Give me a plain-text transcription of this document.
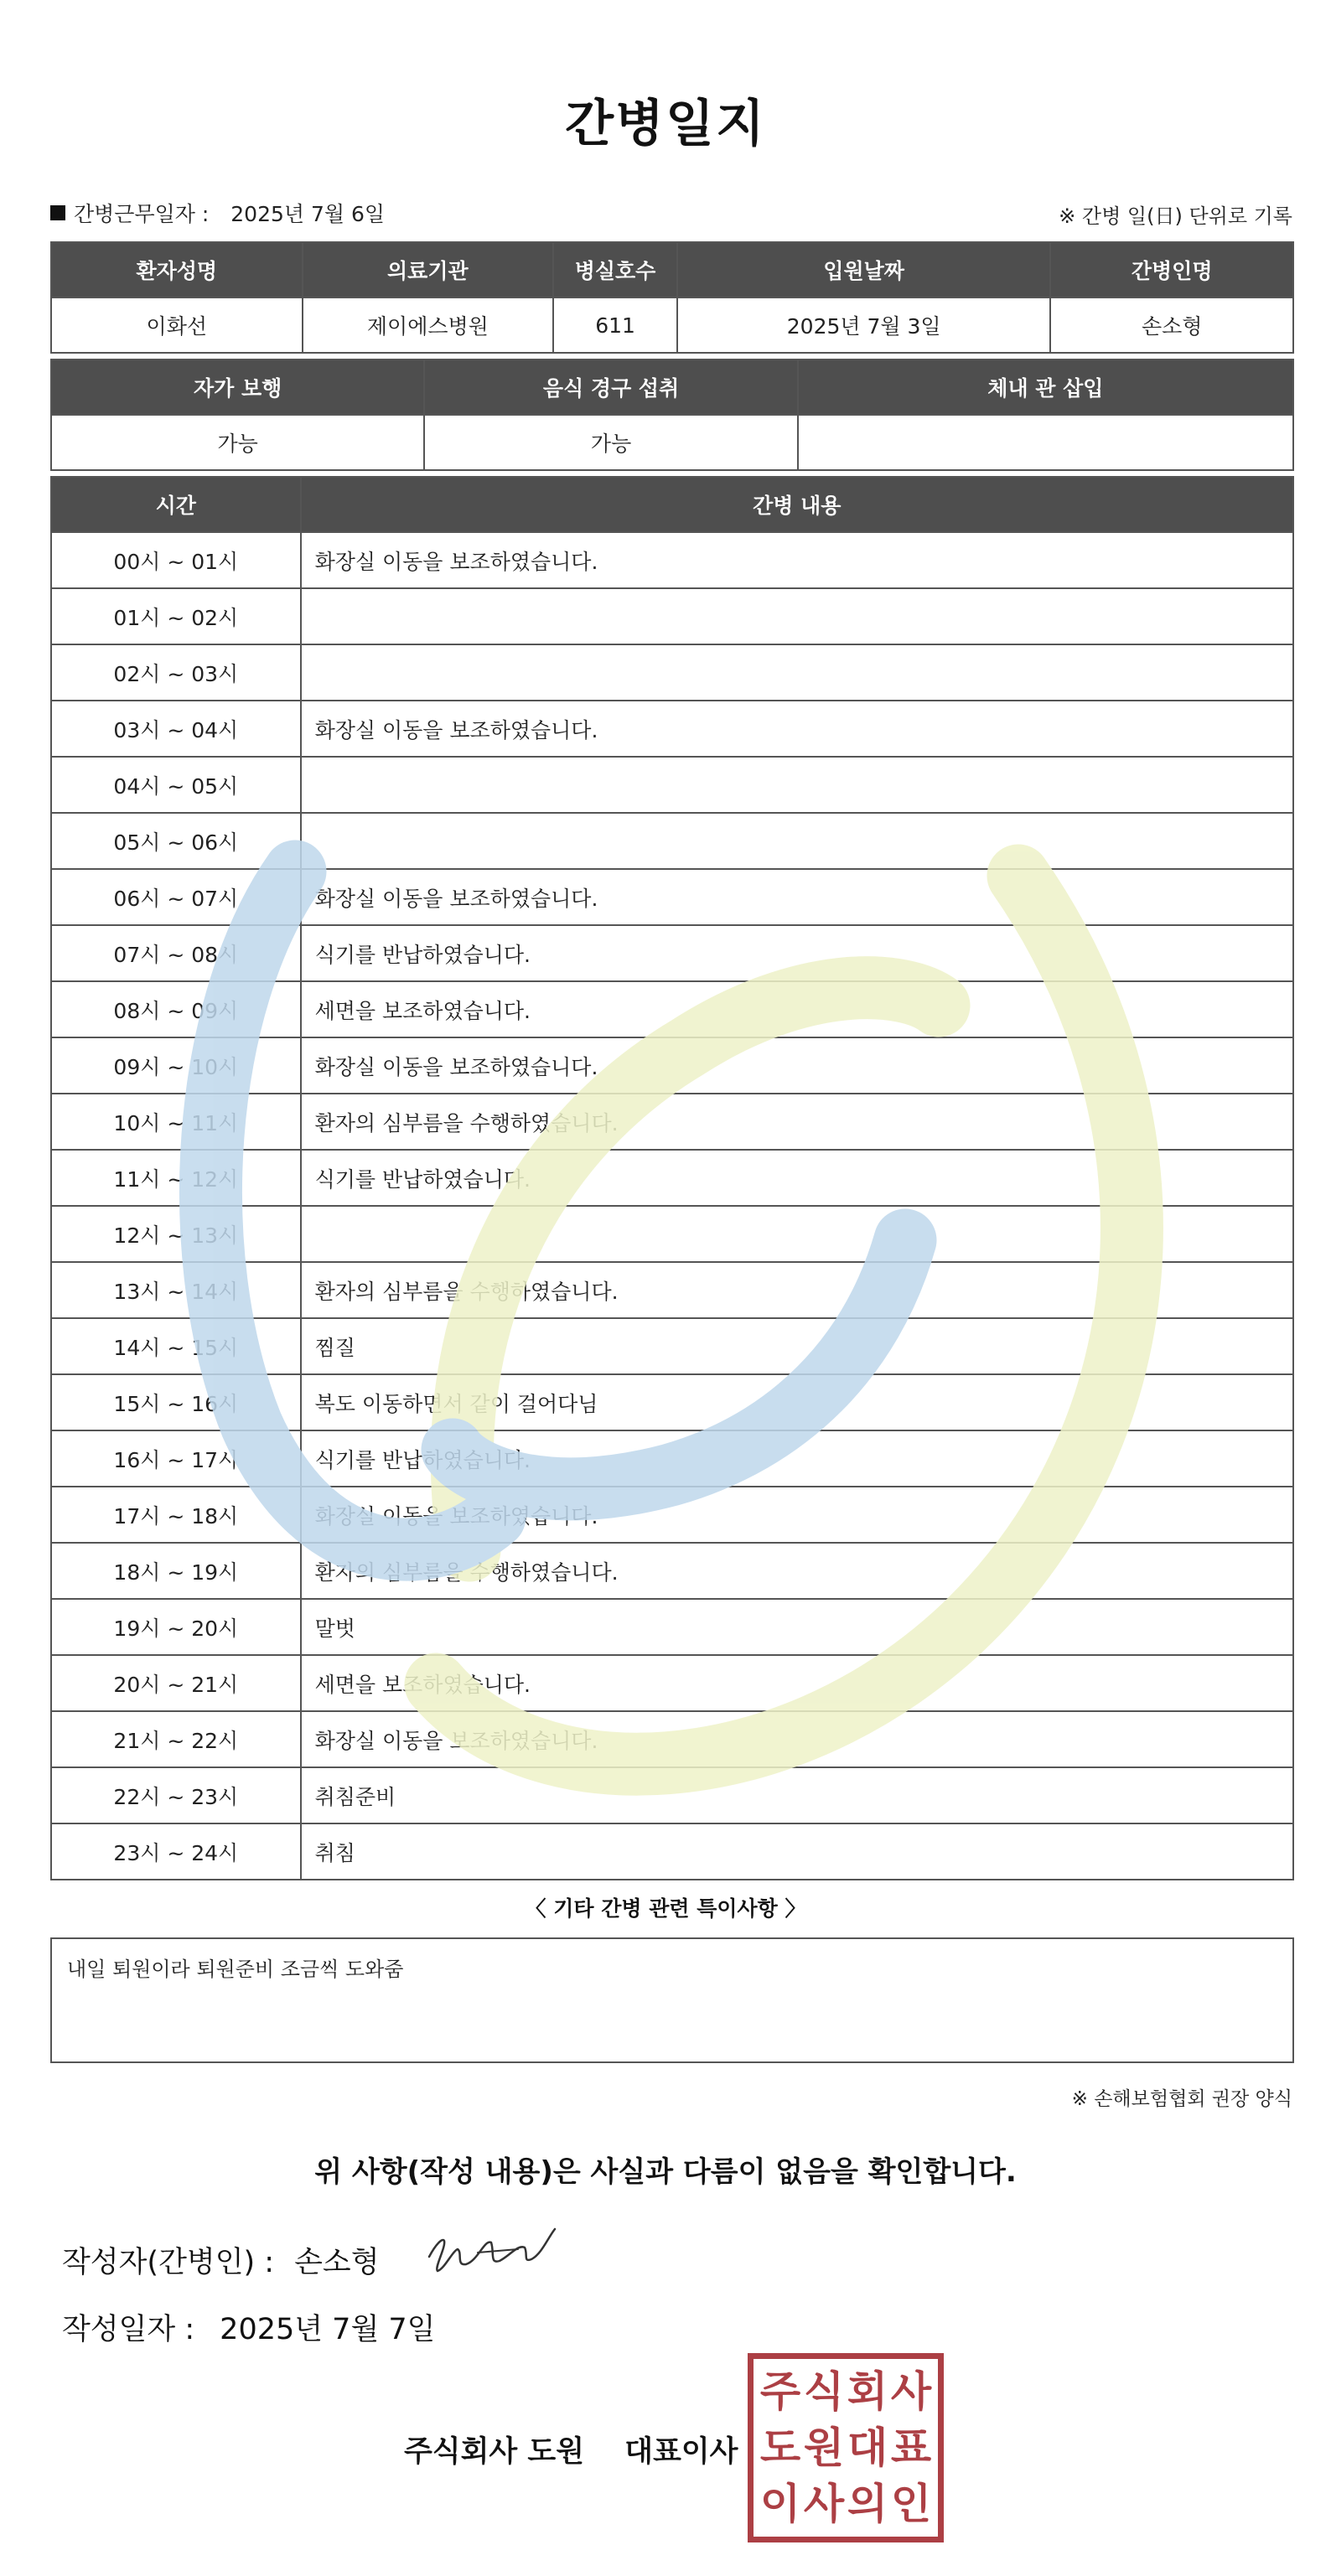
간병일지
간병근무일자 : 2025년 7월 6일	※ 간병 일(日) 단위로 기록
환자성명	의료기관	병실호수	입원날짜	간병인명
이화선	제이에스병원	611	2025년 7월 3일	손소형
자가 보행	음식 경구 섭취	체내 관 삽입
가능	가능	
시간	간병 내용
00시 ~ 01시	화장실 이동을 보조하였습니다.
01시 ~ 02시	
02시 ~ 03시	
03시 ~ 04시	화장실 이동을 보조하였습니다.
04시 ~ 05시	
05시 ~ 06시	
06시 ~ 07시	화장실 이동을 보조하였습니다.
07시 ~ 08시	식기를 반납하였습니다.
08시 ~ 09시	세면을 보조하였습니다.
09시 ~ 10시	화장실 이동을 보조하였습니다.
10시 ~ 11시	환자의 심부름을 수행하였습니다.
11시 ~ 12시	식기를 반납하였습니다.
12시 ~ 13시	
13시 ~ 14시	환자의 심부름을 수행하였습니다.
14시 ~ 15시	찜질
15시 ~ 16시	복도 이동하면서 같이 걸어다님
16시 ~ 17시	식기를 반납하였습니다.
17시 ~ 18시	화장실 이동을 보조하였습니다.
18시 ~ 19시	환자의 심부름을 수행하였습니다.
19시 ~ 20시	말벗
20시 ~ 21시	세면을 보조하였습니다.
21시 ~ 22시	화장실 이동을 보조하였습니다.
22시 ~ 23시	취침준비
23시 ~ 24시	취침
〈 기타 간병 관련 특이사항 〉
내일 퇴원이라 퇴원준비 조금씩 도와줌
※ 손해보험협회 권장 양식
위 사항(작성 내용)은 사실과 다름이 없음을 확인합니다.
작성자(간병인) : 손소형
작성일자 : 2025년 7월 7일
주식회사 도원 대표이사
주 식 회 사
도 원 대 표
이 사 의 인
